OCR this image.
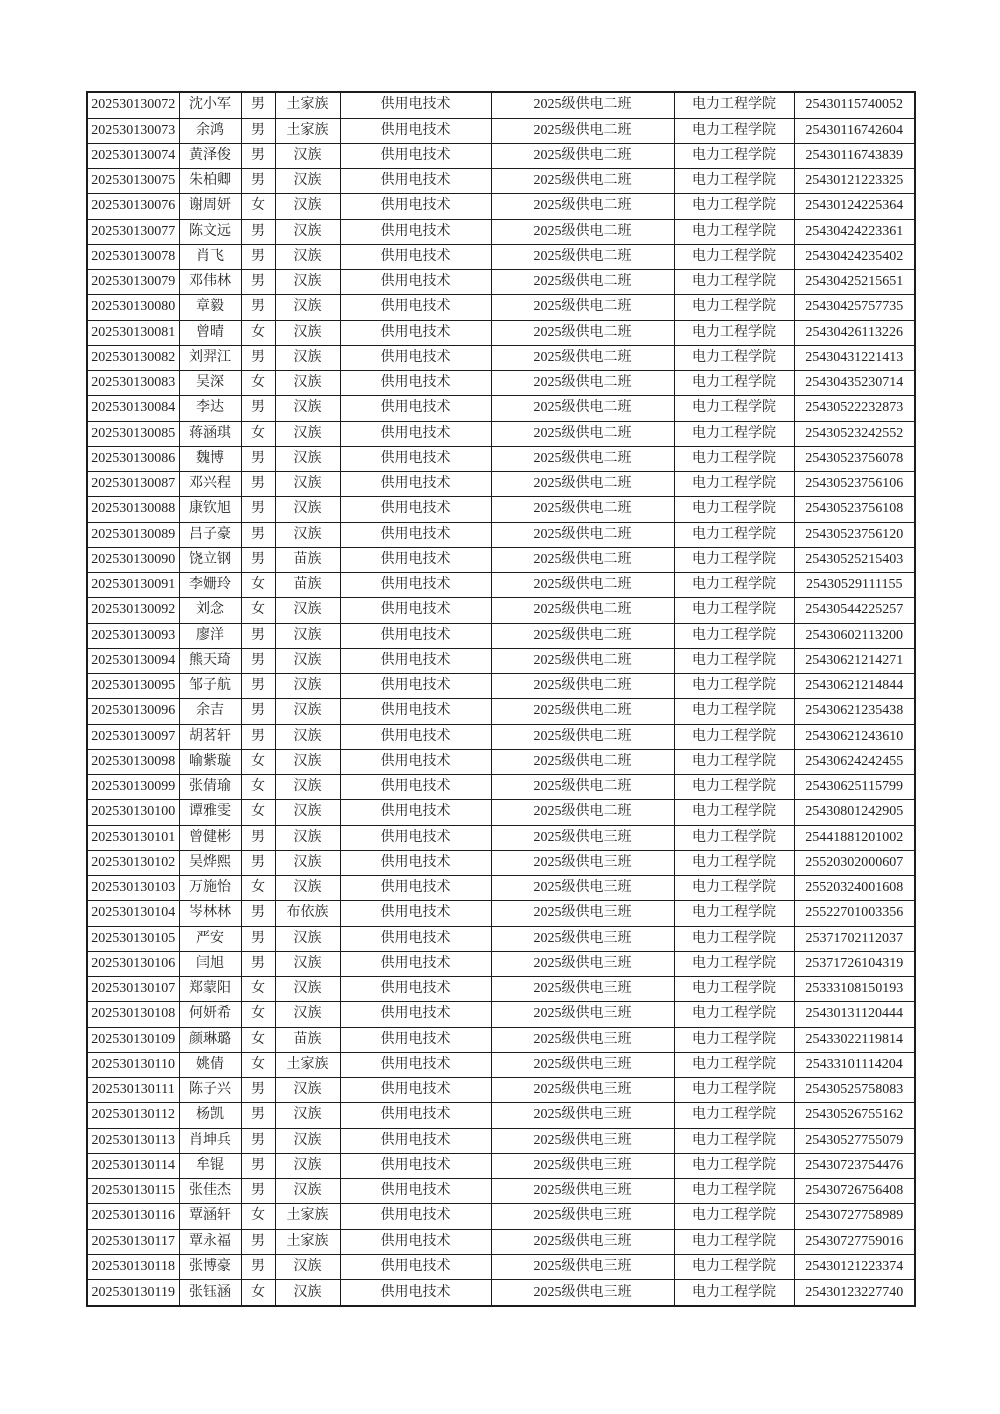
202530130072	沈小军	男	土家族	供用电技术	2025级供电二班	电力工程学院	25430115740052
202530130073	余鸿	男	土家族	供用电技术	2025级供电二班	电力工程学院	25430116742604
202530130074	黄泽俊	男	汉族	供用电技术	2025级供电二班	电力工程学院	25430116743839
202530130075	朱柏卿	男	汉族	供用电技术	2025级供电二班	电力工程学院	25430121223325
202530130076	谢周妍	女	汉族	供用电技术	2025级供电二班	电力工程学院	25430124225364
202530130077	陈文远	男	汉族	供用电技术	2025级供电二班	电力工程学院	25430424223361
202530130078	肖飞	男	汉族	供用电技术	2025级供电二班	电力工程学院	25430424235402
202530130079	邓伟林	男	汉族	供用电技术	2025级供电二班	电力工程学院	25430425215651
202530130080	章毅	男	汉族	供用电技术	2025级供电二班	电力工程学院	25430425757735
202530130081	曾晴	女	汉族	供用电技术	2025级供电二班	电力工程学院	25430426113226
202530130082	刘羿江	男	汉族	供用电技术	2025级供电二班	电力工程学院	25430431221413
202530130083	吴深	女	汉族	供用电技术	2025级供电二班	电力工程学院	25430435230714
202530130084	李达	男	汉族	供用电技术	2025级供电二班	电力工程学院	25430522232873
202530130085	蒋涵琪	女	汉族	供用电技术	2025级供电二班	电力工程学院	25430523242552
202530130086	魏博	男	汉族	供用电技术	2025级供电二班	电力工程学院	25430523756078
202530130087	邓兴程	男	汉族	供用电技术	2025级供电二班	电力工程学院	25430523756106
202530130088	康钦旭	男	汉族	供用电技术	2025级供电二班	电力工程学院	25430523756108
202530130089	吕子豪	男	汉族	供用电技术	2025级供电二班	电力工程学院	25430523756120
202530130090	饶立钢	男	苗族	供用电技术	2025级供电二班	电力工程学院	25430525215403
202530130091	李姗玲	女	苗族	供用电技术	2025级供电二班	电力工程学院	25430529111155
202530130092	刘念	女	汉族	供用电技术	2025级供电二班	电力工程学院	25430544225257
202530130093	廖洋	男	汉族	供用电技术	2025级供电二班	电力工程学院	25430602113200
202530130094	熊天琦	男	汉族	供用电技术	2025级供电二班	电力工程学院	25430621214271
202530130095	邹子航	男	汉族	供用电技术	2025级供电二班	电力工程学院	25430621214844
202530130096	余吉	男	汉族	供用电技术	2025级供电二班	电力工程学院	25430621235438
202530130097	胡茗轩	男	汉族	供用电技术	2025级供电二班	电力工程学院	25430621243610
202530130098	喻紫璇	女	汉族	供用电技术	2025级供电二班	电力工程学院	25430624242455
202530130099	张倩瑜	女	汉族	供用电技术	2025级供电二班	电力工程学院	25430625115799
202530130100	谭雅雯	女	汉族	供用电技术	2025级供电二班	电力工程学院	25430801242905
202530130101	曾健彬	男	汉族	供用电技术	2025级供电三班	电力工程学院	25441881201002
202530130102	吴烨熙	男	汉族	供用电技术	2025级供电三班	电力工程学院	25520302000607
202530130103	万施怡	女	汉族	供用电技术	2025级供电三班	电力工程学院	25520324001608
202530130104	岑林林	男	布依族	供用电技术	2025级供电三班	电力工程学院	25522701003356
202530130105	严安	男	汉族	供用电技术	2025级供电三班	电力工程学院	25371702112037
202530130106	闫旭	男	汉族	供用电技术	2025级供电三班	电力工程学院	25371726104319
202530130107	郑蒙阳	女	汉族	供用电技术	2025级供电三班	电力工程学院	25333108150193
202530130108	何妍希	女	汉族	供用电技术	2025级供电三班	电力工程学院	25430131120444
202530130109	颜琳璐	女	苗族	供用电技术	2025级供电三班	电力工程学院	25433022119814
202530130110	姚倩	女	土家族	供用电技术	2025级供电三班	电力工程学院	25433101114204
202530130111	陈子兴	男	汉族	供用电技术	2025级供电三班	电力工程学院	25430525758083
202530130112	杨凯	男	汉族	供用电技术	2025级供电三班	电力工程学院	25430526755162
202530130113	肖坤兵	男	汉族	供用电技术	2025级供电三班	电力工程学院	25430527755079
202530130114	牟锟	男	汉族	供用电技术	2025级供电三班	电力工程学院	25430723754476
202530130115	张佳杰	男	汉族	供用电技术	2025级供电三班	电力工程学院	25430726756408
202530130116	覃涵轩	女	土家族	供用电技术	2025级供电三班	电力工程学院	25430727758989
202530130117	覃永福	男	土家族	供用电技术	2025级供电三班	电力工程学院	25430727759016
202530130118	张博豪	男	汉族	供用电技术	2025级供电三班	电力工程学院	25430121223374
202530130119	张钰涵	女	汉族	供用电技术	2025级供电三班	电力工程学院	25430123227740
